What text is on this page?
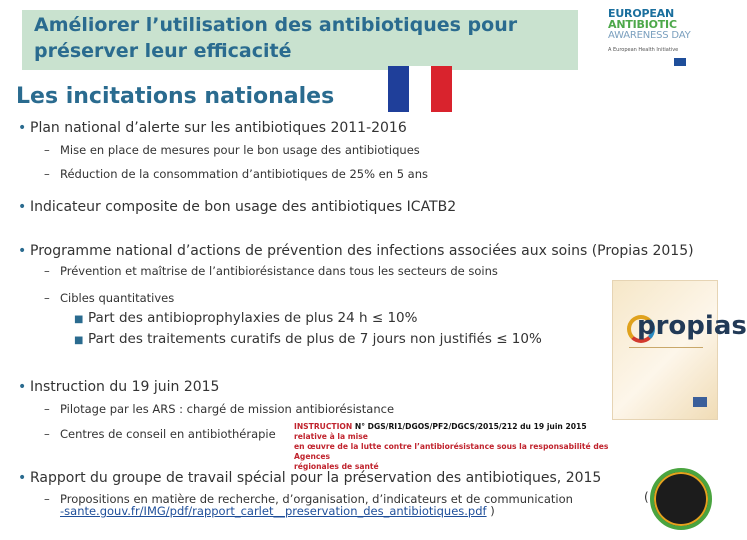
Améliorer l’utilisation des antibiotiques pour préserver leur efficacité
EUROPEAN
ANTIBIOTIC
AWARENESS DAY
A European Health Initiative
Les incitations nationales
• Plan national d’alerte sur les antibiotiques 2011-2016
– Mise en place de mesures pour le bon usage des antibiotiques
– Réduction de la consommation d’antibiotiques de 25% en 5 ans
• Indicateur composite de bon usage des antibiotiques ICATB2
• Programme national d’actions de prévention des infections associées aux soins (Propias 2015)
– Prévention et maîtrise de l’antibiorésistance dans tous les secteurs de soins
– Cibles quantitatives
■ Part des antibioprophylaxies de plus 24 h ≤ 10%
■ Part des traitements curatifs de plus de 7 jours non justifiés ≤ 10%	propias
• Instruction du 19 juin 2015
– Pilotage par les ARS : chargé de mission antibiorésistance
– Centres de conseil en antibiothérapie
INSTRUCTION N° DGS/RI1/DGOS/PF2/DGCS/2015/212 du 19 juin 2015 relative à la mise
en œuvre de la lutte contre l’antibiorésistance sous la responsabilité des Agences
régionales de santé
• Rapport du groupe de travail spécial pour la préservation des antibiotiques, 2015
– Propositions en matière de recherche, d’organisation, d’indicateurs et de communication
-sante.gouv.fr/IMG/pdf/rapport_carlet__preservation_des_antibiotiques.pdf )
(
